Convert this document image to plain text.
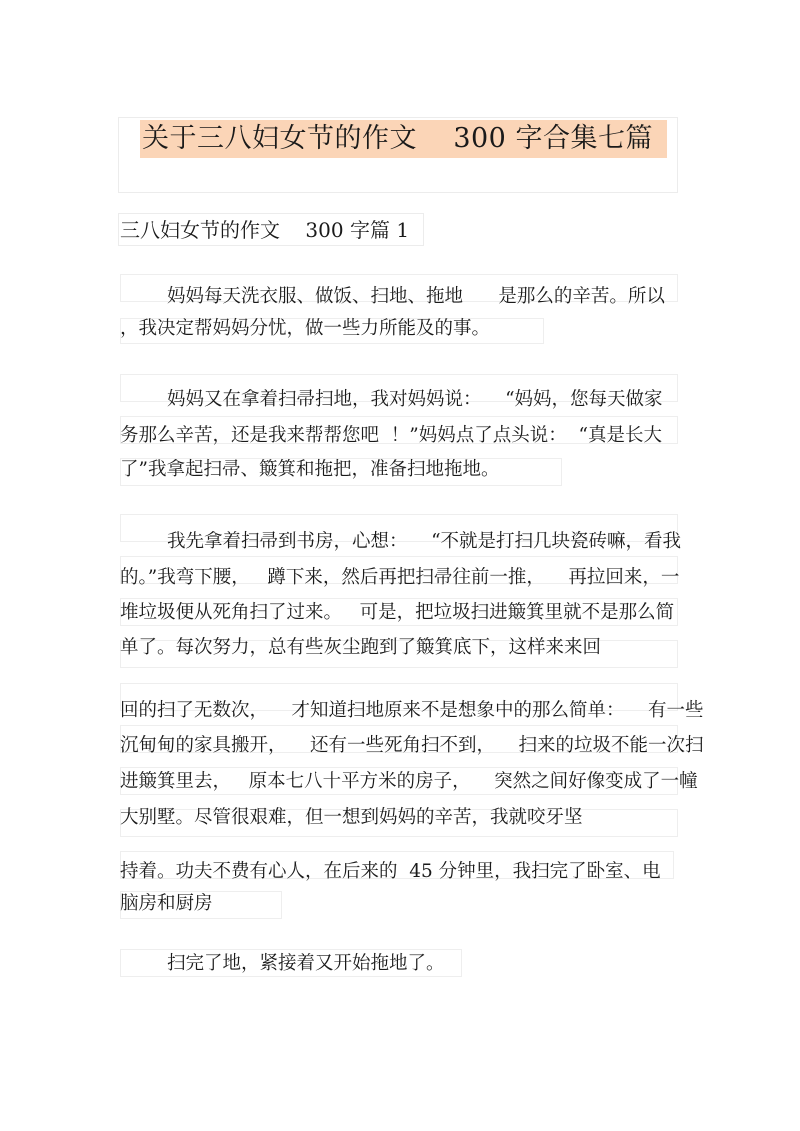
关于三八妇女节的作文    300 字合集七篇
三八妇女节的作文    300 字篇 1
妈妈每天洗衣服、做饭、扫地、拖地      是那么的辛苦。所以
，我决定帮妈妈分忧，做一些力所能及的事。
妈妈又在拿着扫帚扫地，我对妈妈说：    “妈妈，您每天做家
务那么辛苦，还是我来帮帮您吧  ！”妈妈点了点头说：  “真是长大
了”我拿起扫帚、簸箕和拖把，准备扫地拖地。
我先拿着扫帚到书房，心想：    “不就是打扫几块瓷砖嘛，看我
的。”我弯下腰，   蹲下来，然后再把扫帚往前一推，    再拉回来，一
堆垃圾便从死角扫了过来。   可是，把垃圾扫进簸箕里就不是那么简
单了。每次努力，总有些灰尘跑到了簸箕底下，这样来来回
回的扫了无数次，    才知道扫地原来不是想象中的那么简单：    有一些
沉甸甸的家具搬开，    还有一些死角扫不到，    扫来的垃圾不能一次扫
进簸箕里去，   原本七八十平方米的房子，    突然之间好像变成了一幢
大别墅。尽管很艰难，但一想到妈妈的辛苦，我就咬牙坚
持着。功夫不费有心人，在后来的  45 分钟里，我扫完了卧室、电
脑房和厨房
扫完了地，紧接着又开始拖地了。
